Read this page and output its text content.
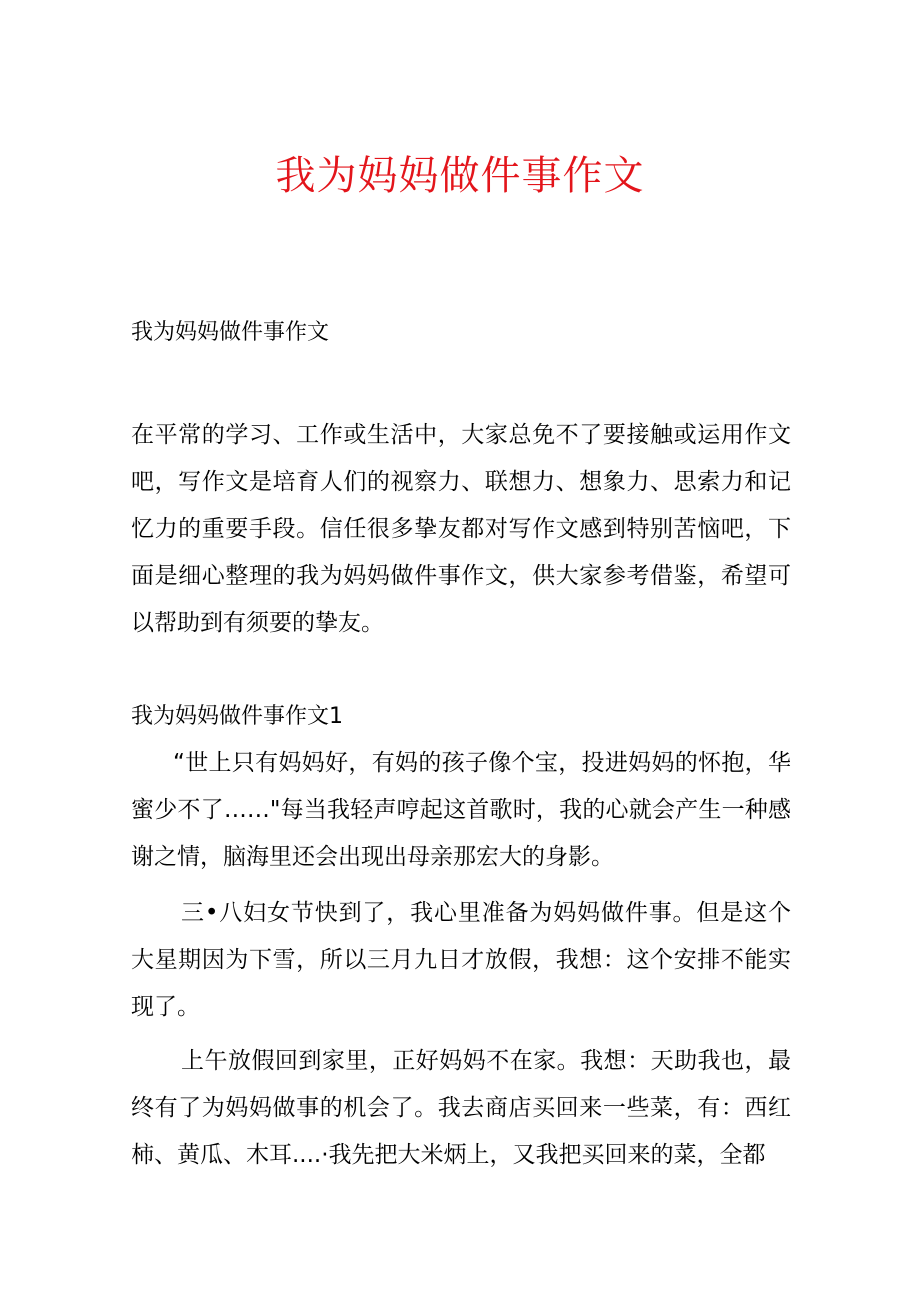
我为妈妈做件事作文
我为妈妈做件事作文
在平常的学习、工作或生活中，大家总免不了要接触或运用作文吧，写作文是培育人们的视察力、联想力、想象力、思索力和记忆力的重要手段。信任很多挚友都对写作文感到特别苦恼吧，下面是细心整理的我为妈妈做件事作文，供大家参考借鉴，希望可以帮助到有须要的挚友。
我为妈妈做件事作文1
“世上只有妈妈好，有妈的孩子像个宝，投进妈妈的怀抱，华蜜少不了……"每当我轻声哼起这首歌时，我的心就会产生一种感谢之情，脑海里还会出现出母亲那宏大的身影。
三•八妇女节快到了，我心里准备为妈妈做件事。但是这个大星期因为下雪，所以三月九日才放假，我想：这个安排不能实现了。
上午放假回到家里，正好妈妈不在家。我想：天助我也，最终有了为妈妈做事的机会了。我去商店买回来一些菜，有：西红柿、黄瓜、木耳....·我先把大米炳上，又我把买回来的菜，全都
